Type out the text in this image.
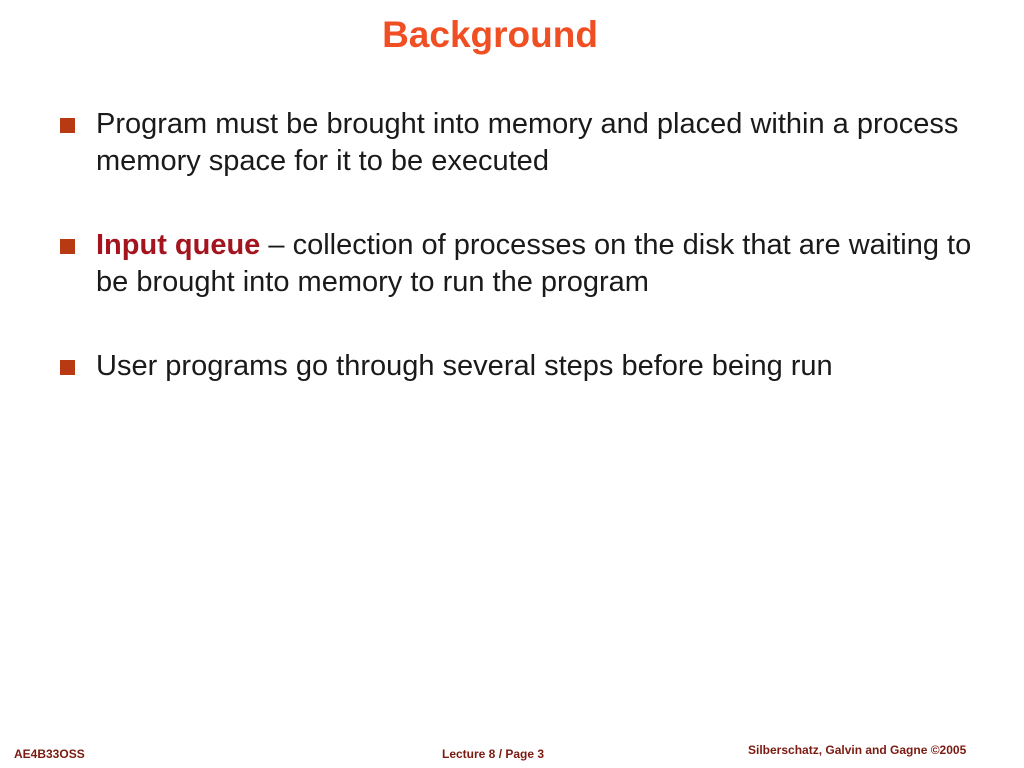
Background
Program must be brought into memory and placed within a process memory space for it to be executed
Input queue – collection of processes on the disk that are waiting to be brought into memory to run the program
User programs go through several steps before being run
AE4B33OSS	Lecture 8 / Page 3	Silberschatz, Galvin and Gagne ©2005
